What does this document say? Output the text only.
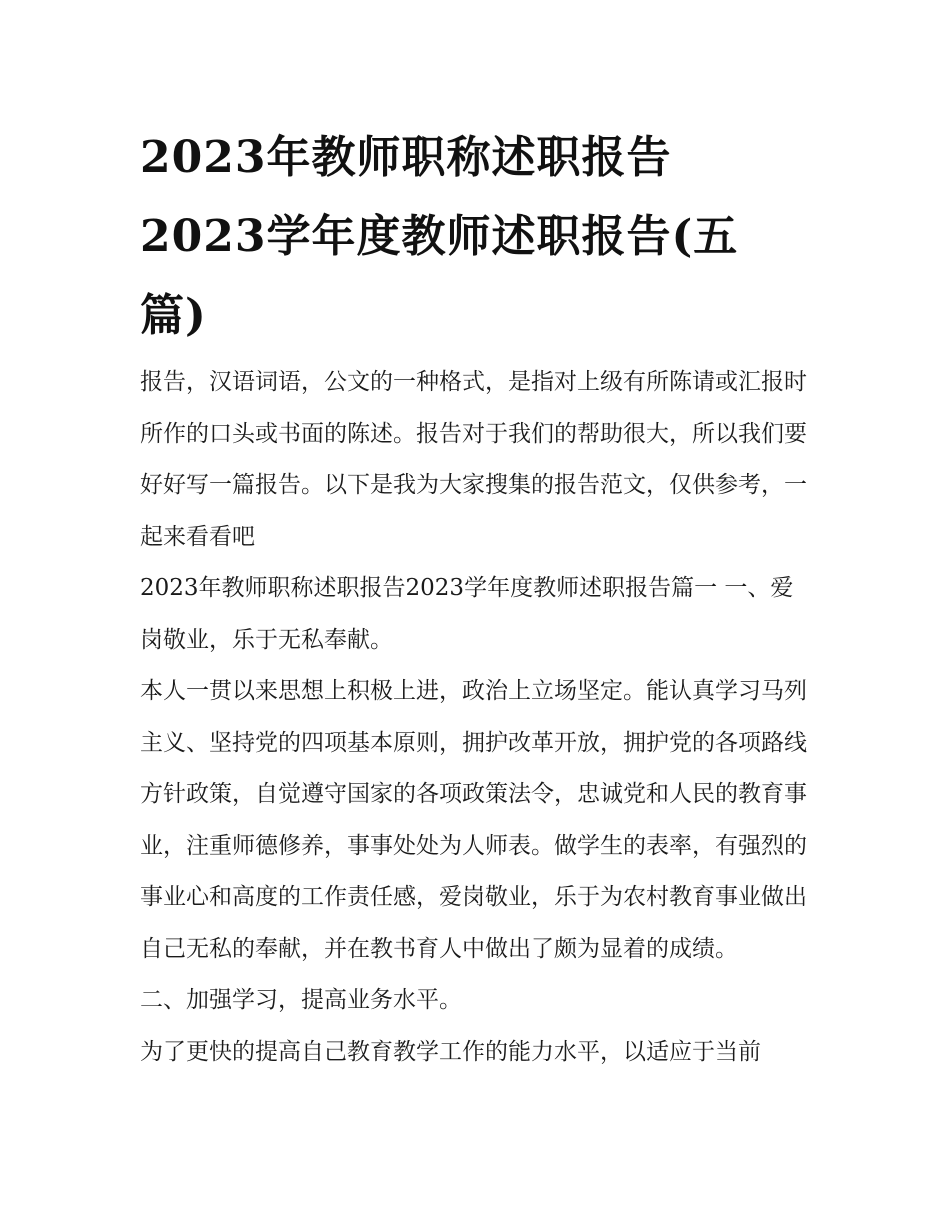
2023年教师职称述职报告
2023学年度教师述职报告(五
篇)

报告，汉语词语，公文的一种格式，是指对上级有所陈请或汇报时所作的口头或书面的陈述。报告对于我们的帮助很大，所以我们要好好写一篇报告。以下是我为大家搜集的报告范文，仅供参考，一起来看看吧

2023年教师职称述职报告2023学年度教师述职报告篇一 一、爱岗敬业，乐于无私奉献。

本人一贯以来思想上积极上进，政治上立场坚定。能认真学习马列主义、坚持党的四项基本原则，拥护改革开放，拥护党的各项路线方针政策，自觉遵守国家的各项政策法令，忠诚党和人民的教育事业，注重师德修养，事事处处为人师表。做学生的表率，有强烈的事业心和高度的工作责任感，爱岗敬业，乐于为农村教育事业做出自己无私的奉献，并在教书育人中做出了颇为显着的成绩。

二、加强学习，提高业务水平。

为了更快的提高自己教育教学工作的能力水平，以适应于当前
